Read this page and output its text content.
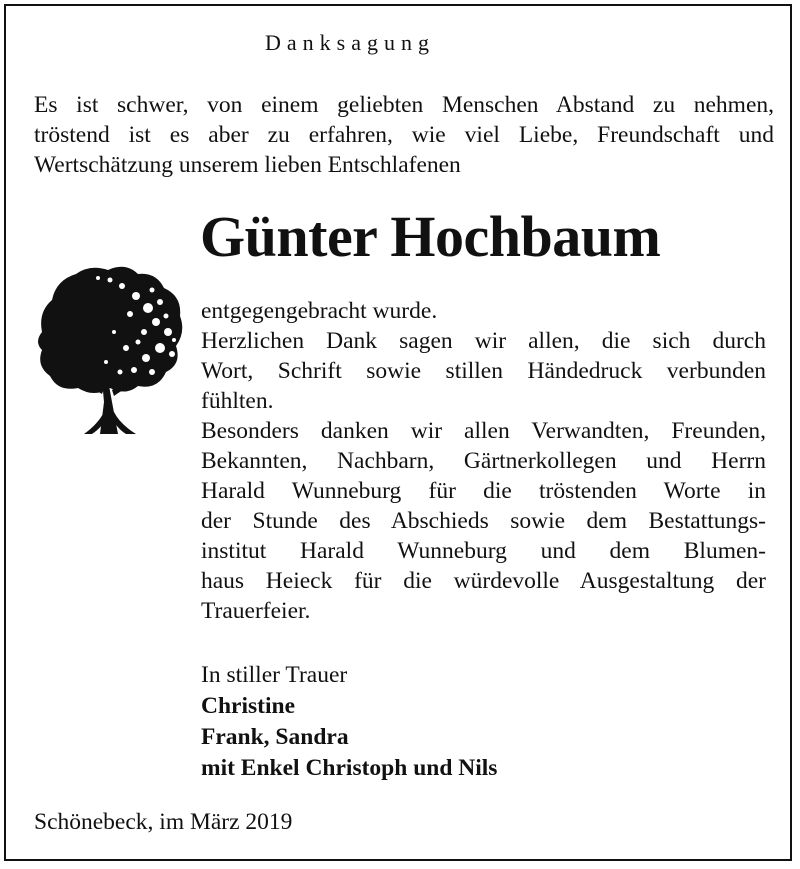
Danksagung
Es ist schwer, von einem geliebten Menschen Abstand zu nehmen,
tröstend ist es aber zu erfahren, wie viel Liebe, Freundschaft und
Wertschätzung unserem lieben Entschlafenen
Günter Hochbaum
entgegengebracht wurde.
Herzlichen Dank sagen wir allen, die sich durch
Wort, Schrift sowie stillen Händedruck verbunden
fühlten.
Besonders danken wir allen Verwandten, Freunden,
Bekannten, Nachbarn, Gärtnerkollegen und Herrn
Harald Wunneburg für die tröstenden Worte in
der Stunde des Abschieds sowie dem Bestattungs-
institut Harald Wunneburg und dem Blumen-
haus Heieck für die würdevolle Ausgestaltung der
Trauerfeier.
In stiller Trauer
Christine
Frank, Sandra
mit Enkel Christoph und Nils
Schönebeck, im März 2019
